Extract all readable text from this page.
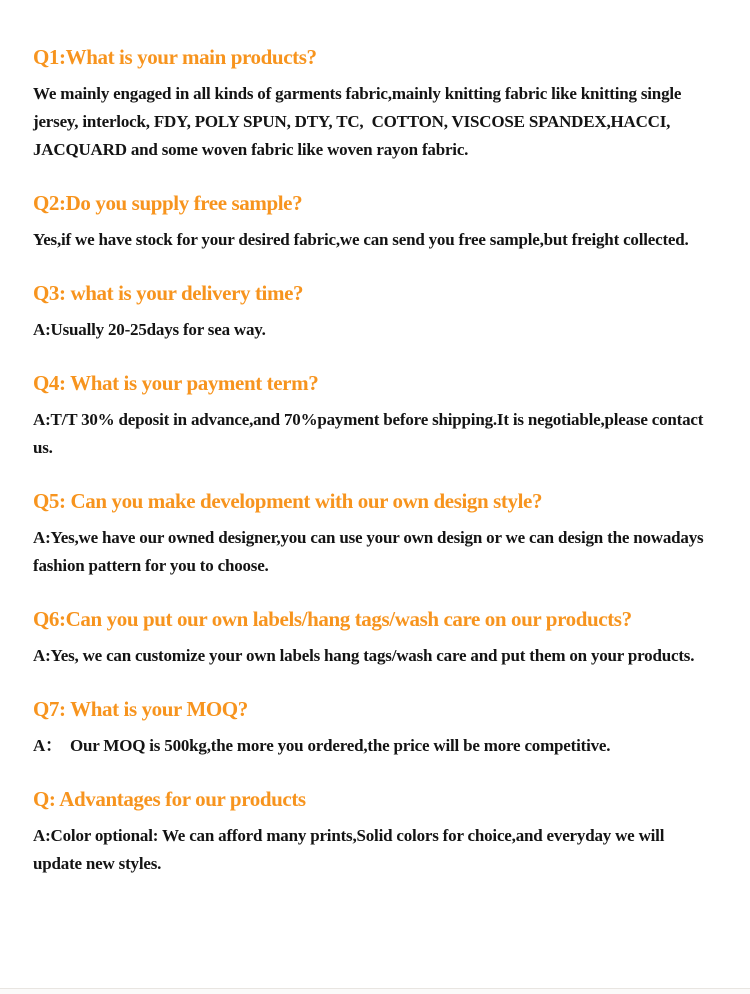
Q1:What is your main products?

We mainly engaged in all kinds of garments fabric,mainly knitting fabric like knitting single jersey, interlock, FDY, POLY SPUN, DTY, TC,  COTTON, VISCOSE SPANDEX,HACCI, JACQUARD and some woven fabric like woven rayon fabric.

Q2:Do you supply free sample?

Yes,if we have stock for your desired fabric,we can send you free sample,but freight collected.

Q3: what is your delivery time?

A:Usually 20-25days for sea way.

Q4: What is your payment term?

A:T/T 30% deposit in advance,and 70%payment before shipping.It is negotiable,please contact us.

Q5: Can you make development with our own design style?

A:Yes,we have our owned designer,you can use your own design or we can design the nowadays fashion pattern for you to choose.

Q6:Can you put our own labels/hang tags/wash care on our products?

A:Yes, we can customize your own labels hang tags/wash care and put them on your products.

Q7: What is your MOQ?

A：  Our MOQ is 500kg,the more you ordered,the price will be more competitive.

Q: Advantages for our products

A:Color optional: We can afford many prints,Solid colors for choice,and everyday we will update new styles.
